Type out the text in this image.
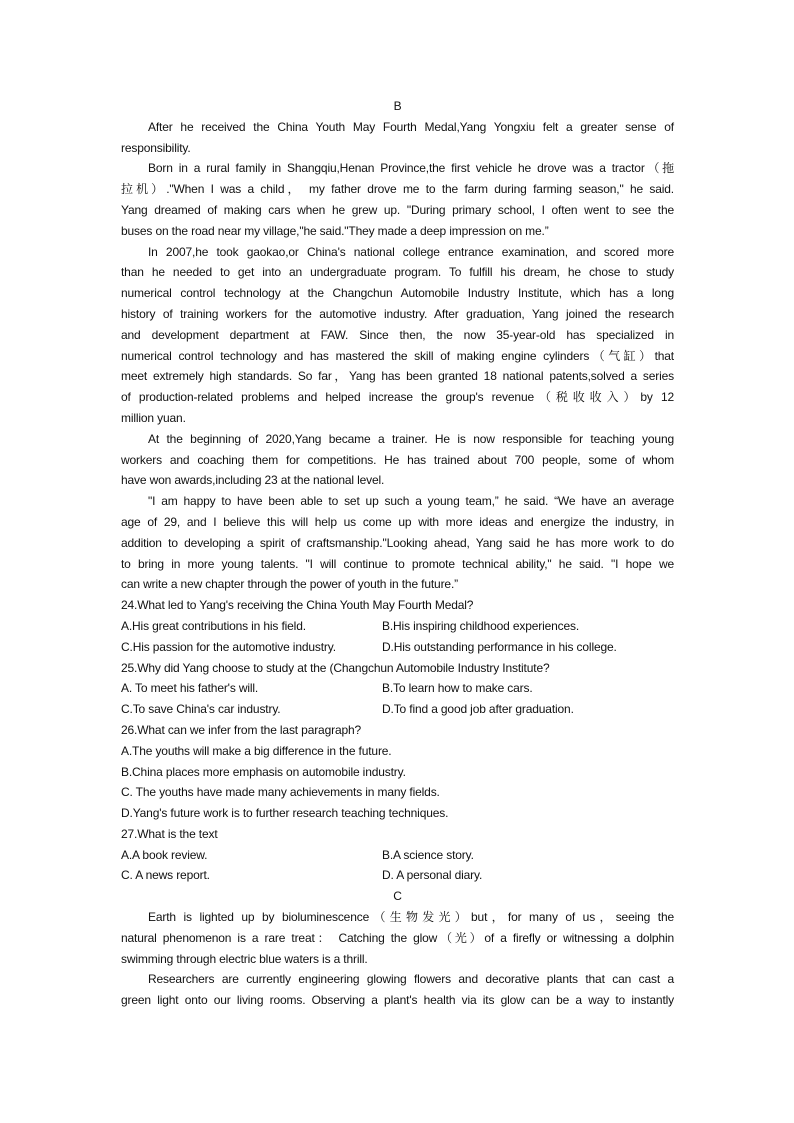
B
After he received the China Youth May Fourth Medal,Yang Yongxiu felt a greater sense of
responsibility.
Born in a rural family in Shangqiu,Henan Province,the first vehicle he drove was a tractor（拖
拉机）."When I was a child， my father drove me to the farm during farming season," he said.
Yang dreamed of making cars when he grew up. "During primary school, I often went to see the
buses on the road near my village,"he said."They made a deep impression on me.”
In 2007,he took gaokao,or China's national college entrance examination, and scored more
than he needed to get into an undergraduate program. To fulfill his dream, he chose to study
numerical control technology at the Changchun Automobile Industry Institute, which has a long
history of training workers for the automotive industry. After graduation, Yang joined the research
and development department at FAW. Since then, the now 35-year-old has specialized in
numerical control technology and has mastered the skill of making engine cylinders（气缸）that
meet extremely high standards. So far，Yang has been granted 18 national patents,solved a series
of production-related problems and helped increase the group's revenue（税收收入）by 12
million yuan.
At the beginning of 2020,Yang became a trainer. He is now responsible for teaching young
workers and coaching them for competitions. He has trained about 700 people, some of whom
have won awards,including 23 at the national level.
"I am happy to have been able to set up such a young team,” he said. “We have an average
age of 29, and I believe this will help us come up with more ideas and energize the industry, in
addition to developing a spirit of craftsmanship."Looking ahead, Yang said he has more work to do
to bring in more young talents. "I will continue to promote technical ability," he said. "I hope we
can write a new chapter through the power of youth in the future.”
24.What led to Yang's receiving the China Youth May Fourth Medal?
A.His great contributions in his field.	B.His inspiring childhood experiences.
C.His passion for the automotive industry.	D.His outstanding performance in his college.
25.Why did Yang choose to study at the (Changchun Automobile Industry Institute?
A. To meet his father's will.	B.To learn how to make cars.
C.To save China's car industry.	D.To find a good job after graduation.
26.What can we infer from the last paragraph?
A.The youths will make a big difference in the future.
B.China places more emphasis on automobile industry.
C. The youths have made many achievements in many fields.
D.Yang's future work is to further research teaching techniques.
27.What is the text
A.A book review.	B.A science story.
C. A news report.	D. A personal diary.
C
Earth is lighted up by bioluminescence（生物发光）but，for many of us，seeing the
natural phenomenon is a rare treat： Catching the glow（光）of a firefly or witnessing a dolphin
swimming through electric blue waters is a thrill.
Researchers are currently engineering glowing flowers and decorative plants that can cast a
green light onto our living rooms. Observing a plant's health via its glow can be a way to instantly
